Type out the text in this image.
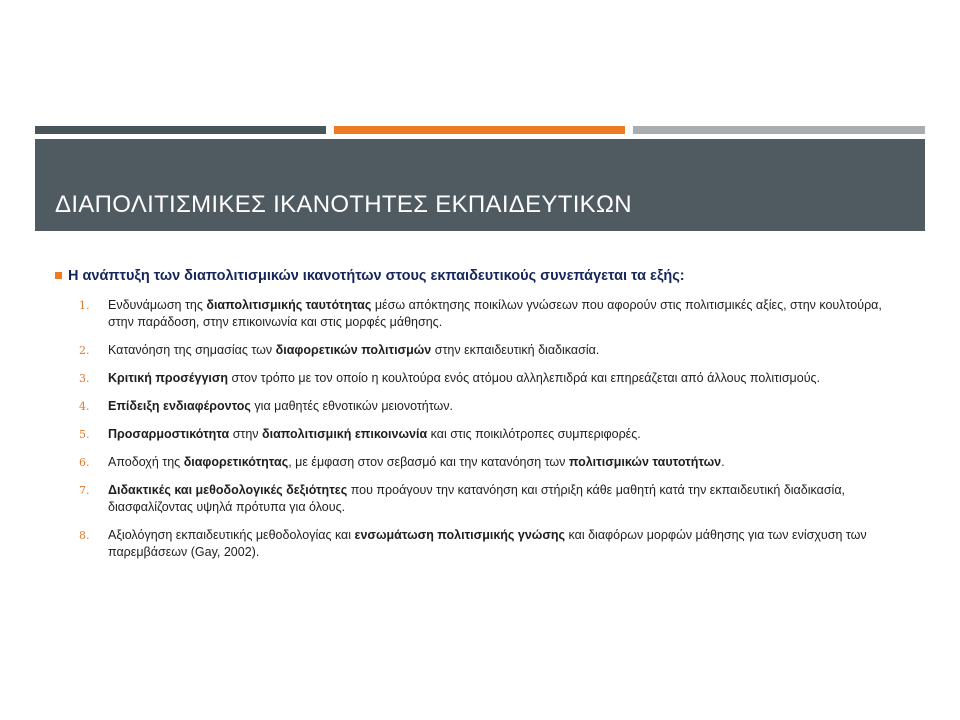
ΔΙΑΠΟΛΙΤΙΣΜΙΚΕΣ ΙΚΑΝΟΤΗΤΕΣ ΕΚΠΑΙΔΕΥΤΙΚΩΝ
Η ανάπτυξη των διαπολιτισμικών ικανοτήτων στους εκπαιδευτικούς συνεπάγεται τα εξής:
1. Ενδυνάμωση της διαπολιτισμικής ταυτότητας μέσω απόκτησης ποικίλων γνώσεων που αφορούν στις πολιτισμικές αξίες, στην κουλτούρα, στην παράδοση, στην επικοινωνία και στις μορφές μάθησης.
2. Κατανόηση της σημασίας των διαφορετικών πολιτισμών στην εκπαιδευτική διαδικασία.
3. Κριτική προσέγγιση στον τρόπο με τον οποίο η κουλτούρα ενός ατόμου αλληλεπιδρά και επηρεάζεται από άλλους πολιτισμούς.
4. Επίδειξη ενδιαφέροντος για μαθητές εθνοτικών μειονοτήτων.
5. Προσαρμοστικότητα στην διαπολιτισμική επικοινωνία και στις ποικιλότροπες συμπεριφορές.
6. Αποδοχή της διαφορετικότητας, με έμφαση στον σεβασμό και την κατανόηση των πολιτισμικών ταυτοτήτων.
7. Διδακτικές και μεθοδολογικές δεξιότητες που προάγουν την κατανόηση και στήριξη κάθε μαθητή κατά την εκπαιδευτική διαδικασία, διασφαλίζοντας υψηλά πρότυπα για όλους.
8. Αξιολόγηση εκπαιδευτικής μεθοδολογίας και ενσωμάτωση πολιτισμικής γνώσης και διαφόρων μορφών μάθησης για των ενίσχυση των παρεμβάσεων (Gay, 2002).
